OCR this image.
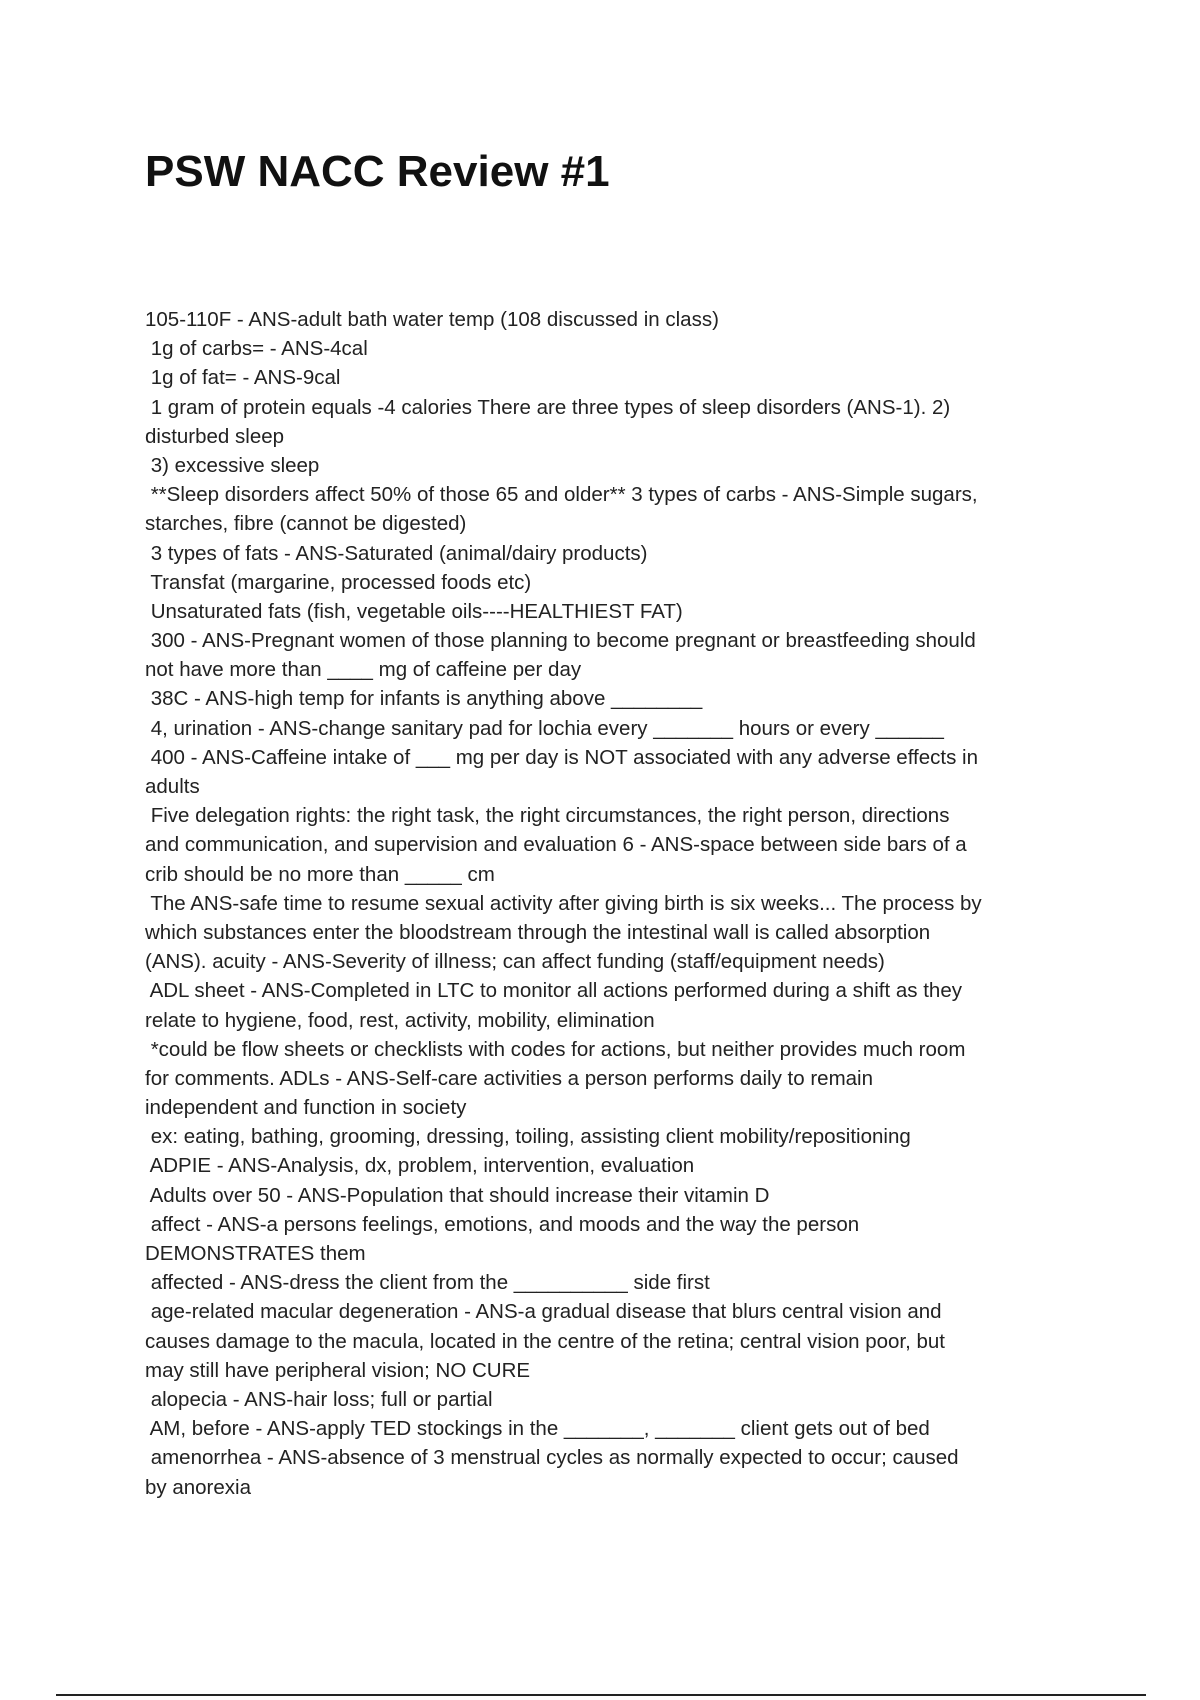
PSW NACC Review #1
105-110F - ANS-adult bath water temp (108 discussed in class)
1g of carbs= - ANS-4cal
1g of fat= - ANS-9cal
1 gram of protein equals -4 calories There are three types of sleep disorders (ANS-1). 2)
disturbed sleep
3) excessive sleep
**Sleep disorders affect 50% of those 65 and older** 3 types of carbs - ANS-Simple sugars,
starches, fibre (cannot be digested)
3 types of fats - ANS-Saturated (animal/dairy products)
Transfat (margarine, processed foods etc)
Unsaturated fats (fish, vegetable oils----HEALTHIEST FAT)
300 - ANS-Pregnant women of those planning to become pregnant or breastfeeding should
not have more than ____ mg of caffeine per day
38C - ANS-high temp for infants is anything above ________
4, urination - ANS-change sanitary pad for lochia every _______ hours or every ______
400 - ANS-Caffeine intake of ___ mg per day is NOT associated with any adverse effects in
adults
Five delegation rights: the right task, the right circumstances, the right person, directions
and communication, and supervision and evaluation 6 - ANS-space between side bars of a
crib should be no more than _____ cm
The ANS-safe time to resume sexual activity after giving birth is six weeks... The process by
which substances enter the bloodstream through the intestinal wall is called absorption
(ANS). acuity - ANS-Severity of illness; can affect funding (staff/equipment needs)
ADL sheet - ANS-Completed in LTC to monitor all actions performed during a shift as they
relate to hygiene, food, rest, activity, mobility, elimination
*could be flow sheets or checklists with codes for actions, but neither provides much room
for comments. ADLs - ANS-Self-care activities a person performs daily to remain
independent and function in society
ex: eating, bathing, grooming, dressing, toiling, assisting client mobility/repositioning
ADPIE - ANS-Analysis, dx, problem, intervention, evaluation
Adults over 50 - ANS-Population that should increase their vitamin D
affect - ANS-a persons feelings, emotions, and moods and the way the person
DEMONSTRATES them
affected - ANS-dress the client from the __________ side first
age-related macular degeneration - ANS-a gradual disease that blurs central vision and
causes damage to the macula, located in the centre of the retina; central vision poor, but
may still have peripheral vision; NO CURE
alopecia - ANS-hair loss; full or partial
AM, before - ANS-apply TED stockings in the _______, _______ client gets out of bed
amenorrhea - ANS-absence of 3 menstrual cycles as normally expected to occur; caused
by anorexia
